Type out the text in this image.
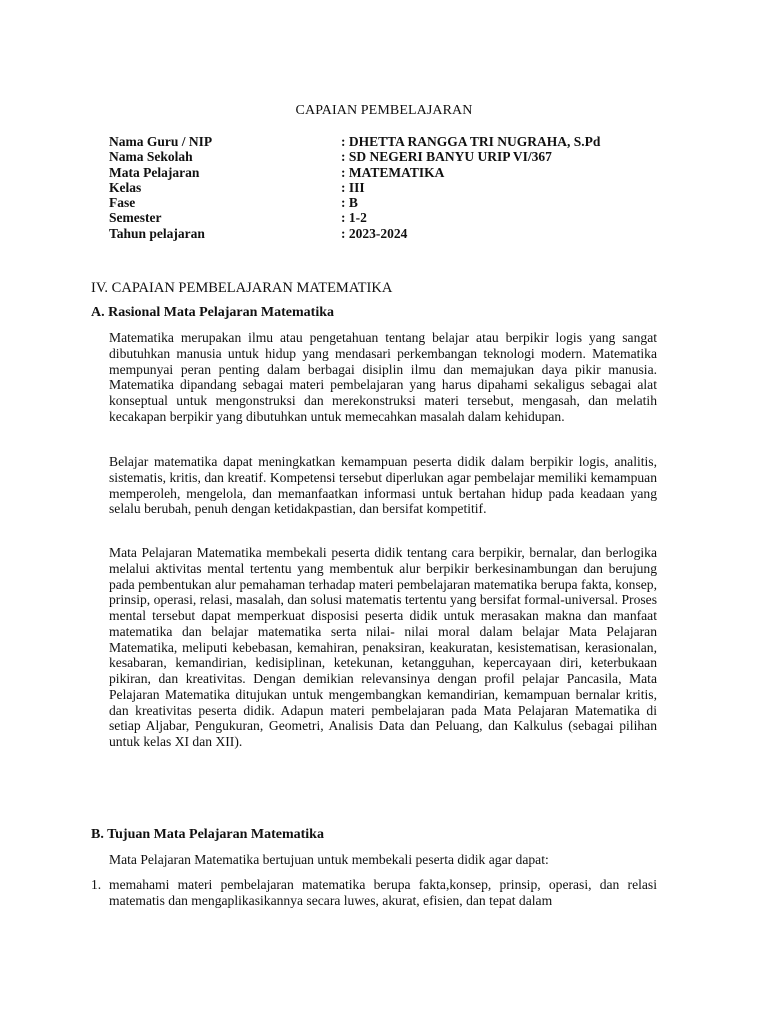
CAPAIAN PEMBELAJARAN
Nama Guru / NIP	: DHETTA RANGGA TRI NUGRAHA, S.Pd
Nama Sekolah	: SD NEGERI BANYU URIP VI/367
Mata Pelajaran	: MATEMATIKA
Kelas	: III
Fase	: B
Semester	: 1-2
Tahun pelajaran	: 2023-2024
IV. CAPAIAN PEMBELAJARAN MATEMATIKA
A. Rasional Mata Pelajaran Matematika

Matematika merupakan ilmu atau pengetahuan tentang belajar atau berpikir logis yang sangat dibutuhkan manusia untuk hidup yang mendasari perkembangan teknologi modern. Matematika mempunyai peran penting dalam berbagai disiplin ilmu dan memajukan daya pikir manusia. Matematika dipandang sebagai materi pembelajaran yang harus dipahami sekaligus sebagai alat konseptual untuk mengonstruksi dan merekonstruksi materi tersebut, mengasah, dan melatih kecakapan berpikir yang dibutuhkan untuk memecahkan masalah dalam kehidupan.

Belajar matematika dapat meningkatkan kemampuan peserta didik dalam berpikir logis, analitis, sistematis, kritis, dan kreatif. Kompetensi tersebut diperlukan agar pembelajar memiliki kemampuan memperoleh, mengelola, dan memanfaatkan informasi untuk bertahan hidup pada keadaan yang selalu berubah, penuh dengan ketidakpastian, dan bersifat kompetitif.

Mata Pelajaran Matematika membekali peserta didik tentang cara berpikir, bernalar, dan berlogika melalui aktivitas mental tertentu yang membentuk alur berpikir berkesinambungan dan berujung pada pembentukan alur pemahaman terhadap materi pembelajaran matematika berupa fakta, konsep, prinsip, operasi, relasi, masalah, dan solusi matematis tertentu yang bersifat formal-universal. Proses mental tersebut dapat memperkuat disposisi peserta didik untuk merasakan makna dan manfaat matematika dan belajar matematika serta nilai- nilai moral dalam belajar Mata Pelajaran Matematika, meliputi kebebasan, kemahiran, penaksiran, keakuratan, kesistematisan, kerasionalan, kesabaran, kemandirian, kedisiplinan, ketekunan, ketangguhan, kepercayaan diri, keterbukaan pikiran, dan kreativitas. Dengan demikian relevansinya dengan profil pelajar Pancasila, Mata Pelajaran Matematika ditujukan untuk mengembangkan kemandirian, kemampuan bernalar kritis, dan kreativitas peserta didik. Adapun materi pembelajaran pada Mata Pelajaran Matematika di setiap Aljabar, Pengukuran, Geometri, Analisis Data dan Peluang, dan Kalkulus (sebagai pilihan untuk kelas XI dan XII).

B. Tujuan Mata Pelajaran Matematika

Mata Pelajaran Matematika bertujuan untuk membekali peserta didik agar dapat:

1. memahami materi pembelajaran matematika berupa fakta,konsep, prinsip, operasi, dan relasi matematis dan mengaplikasikannya secara luwes, akurat, efisien, dan tepat dalam
